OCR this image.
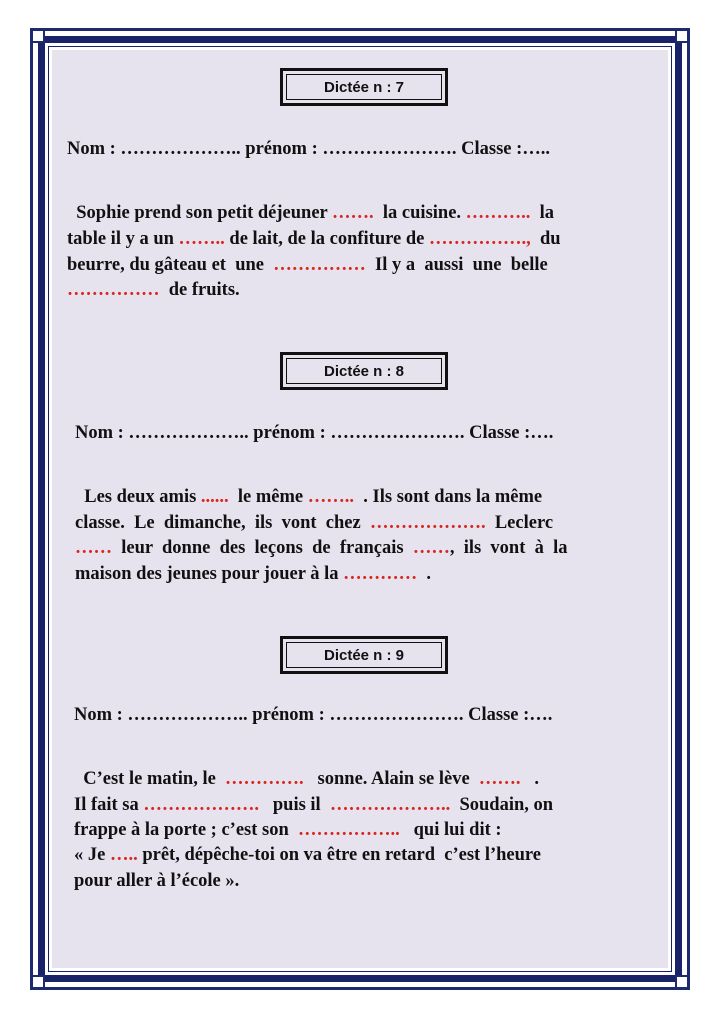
Dictée n : 7
Nom : ……………….. prénom : …………………. Classe :…..
Sophie prend son petit déjeuner …….  la cuisine. ………..  la
table il y a un …….. de lait, de la confiture de …………….,  du
beurre, du gâteau et  une  ……………  Il y a  aussi  une  belle
……………  de fruits.
Dictée n : 8
Nom : ……………….. prénom : …………………. Classe :….
Les deux amis ......  le même ……..  . Ils sont dans la même
classe.  Le  dimanche,  ils  vont  chez  ……………….  Leclerc
……  leur  donne  des  leçons  de  français  ……,  ils  vont  à  la
maison des jeunes pour jouer à la …………  .
Dictée n : 9
Nom : ……………….. prénom : …………………. Classe :….
C’est le matin, le  ………….   sonne. Alain se lève  …….   .
Il fait sa ……………….   puis il  ………………..  Soudain, on
frappe à la porte ; c’est son  ……………..   qui lui dit :
« Je ….. prêt, dépêche-toi on va être en retard  c’est l’heure
pour aller à l’école ».
